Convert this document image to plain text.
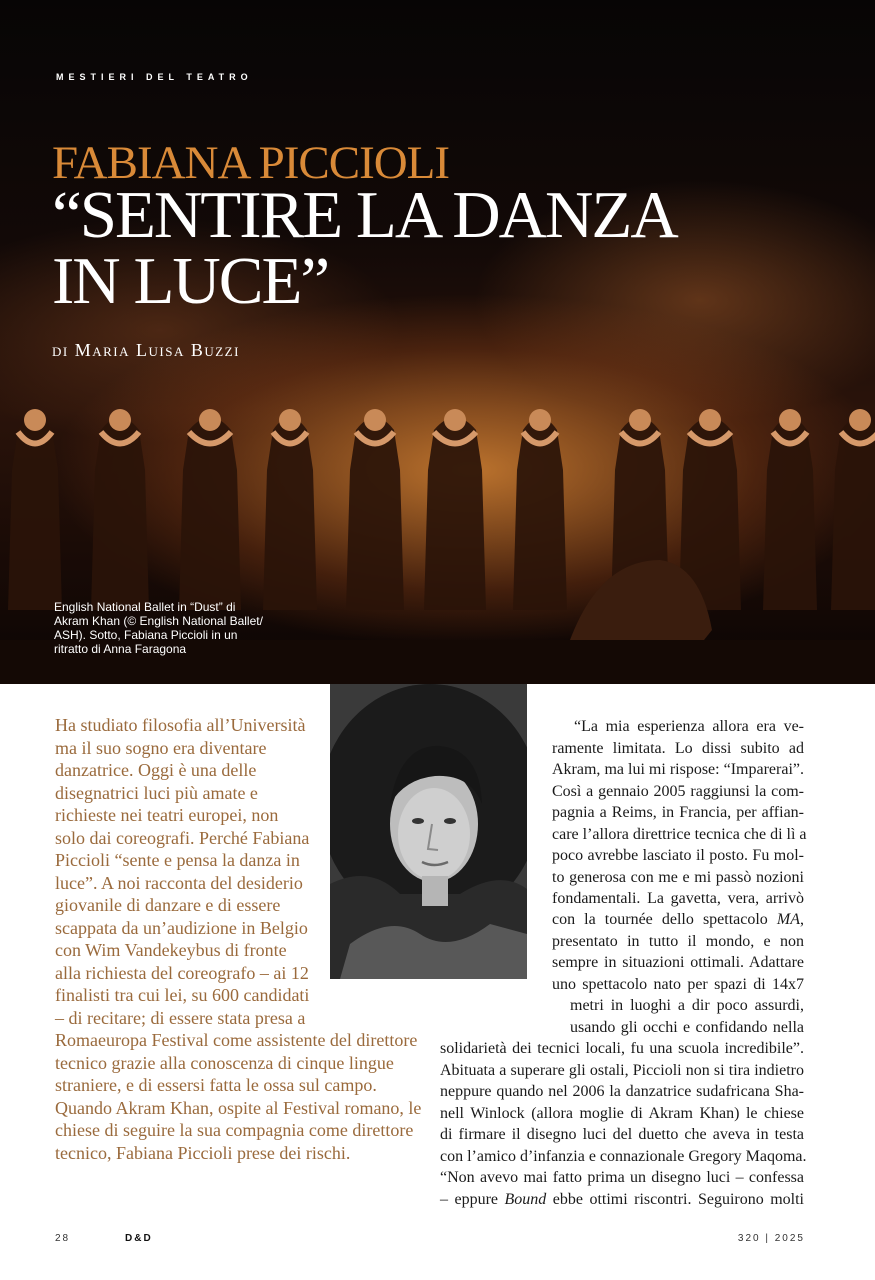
MESTIERI DEL TEATRO
FABIANA PICCIOLI
“SENTIRE LA DANZA
IN LUCE”
di Maria Luisa Buzzi
English National Ballet in “Dust” di
Akram Khan (© English National Ballet/
ASH). Sotto, Fabiana Piccioli in un
ritratto di Anna Faragona
Ha studiato filosofia all’Università
ma il suo sogno era diventare
danzatrice. Oggi è una delle
disegnatrici luci più amate e
richieste nei teatri europei, non
solo dai coreografi. Perché Fabiana
Piccioli “sente e pensa la danza in
luce”. A noi racconta del desiderio
giovanile di danzare e di essere
scappata da un’audizione in Belgio
con Wim Vandekeybus di fronte
alla richiesta del coreografo – ai 12
finalisti tra cui lei, su 600 candidati
– di recitare; di essere stata presa a
Romaeuropa Festival come assistente del direttore
tecnico grazie alla conoscenza di cinque lingue
straniere, e di essersi fatta le ossa sul campo.
Quando Akram Khan, ospite al Festival romano, le
chiese di seguire la sua compagnia come direttore
tecnico, Fabiana Piccioli prese dei rischi.
“La mia esperienza allora era ve-
ramente limitata. Lo dissi subito ad
Akram, ma lui mi rispose: “Imparerai”.
Così a gennaio 2005 raggiunsi la com-
pagnia a Reims, in Francia, per affian-
care l’allora direttrice tecnica che di lì a
poco avrebbe lasciato il posto. Fu mol-
to generosa con me e mi passò nozioni
fondamentali. La gavetta, vera, arrivò
con la tournée dello spettacolo MA,
presentato in tutto il mondo, e non
sempre in situazioni ottimali. Adattare
uno spettacolo nato per spazi di 14x7
metri in luoghi a dir poco assurdi,
usando gli occhi e confidando nella
solidarietà dei tecnici locali, fu una scuola incredibile”.
Abituata a superare gli ostali, Piccioli non si tira indietro
neppure quando nel 2006 la danzatrice sudafricana Sha-
nell Winlock (allora moglie di Akram Khan) le chiese
di firmare il disegno luci del duetto che aveva in testa
con l’amico d’infanzia e connazionale Gregory Maqoma.
“Non avevo mai fatto prima un disegno luci – confessa
– eppure Bound ebbe ottimi riscontri. Seguirono molti
28	D&D	320 | 2025
